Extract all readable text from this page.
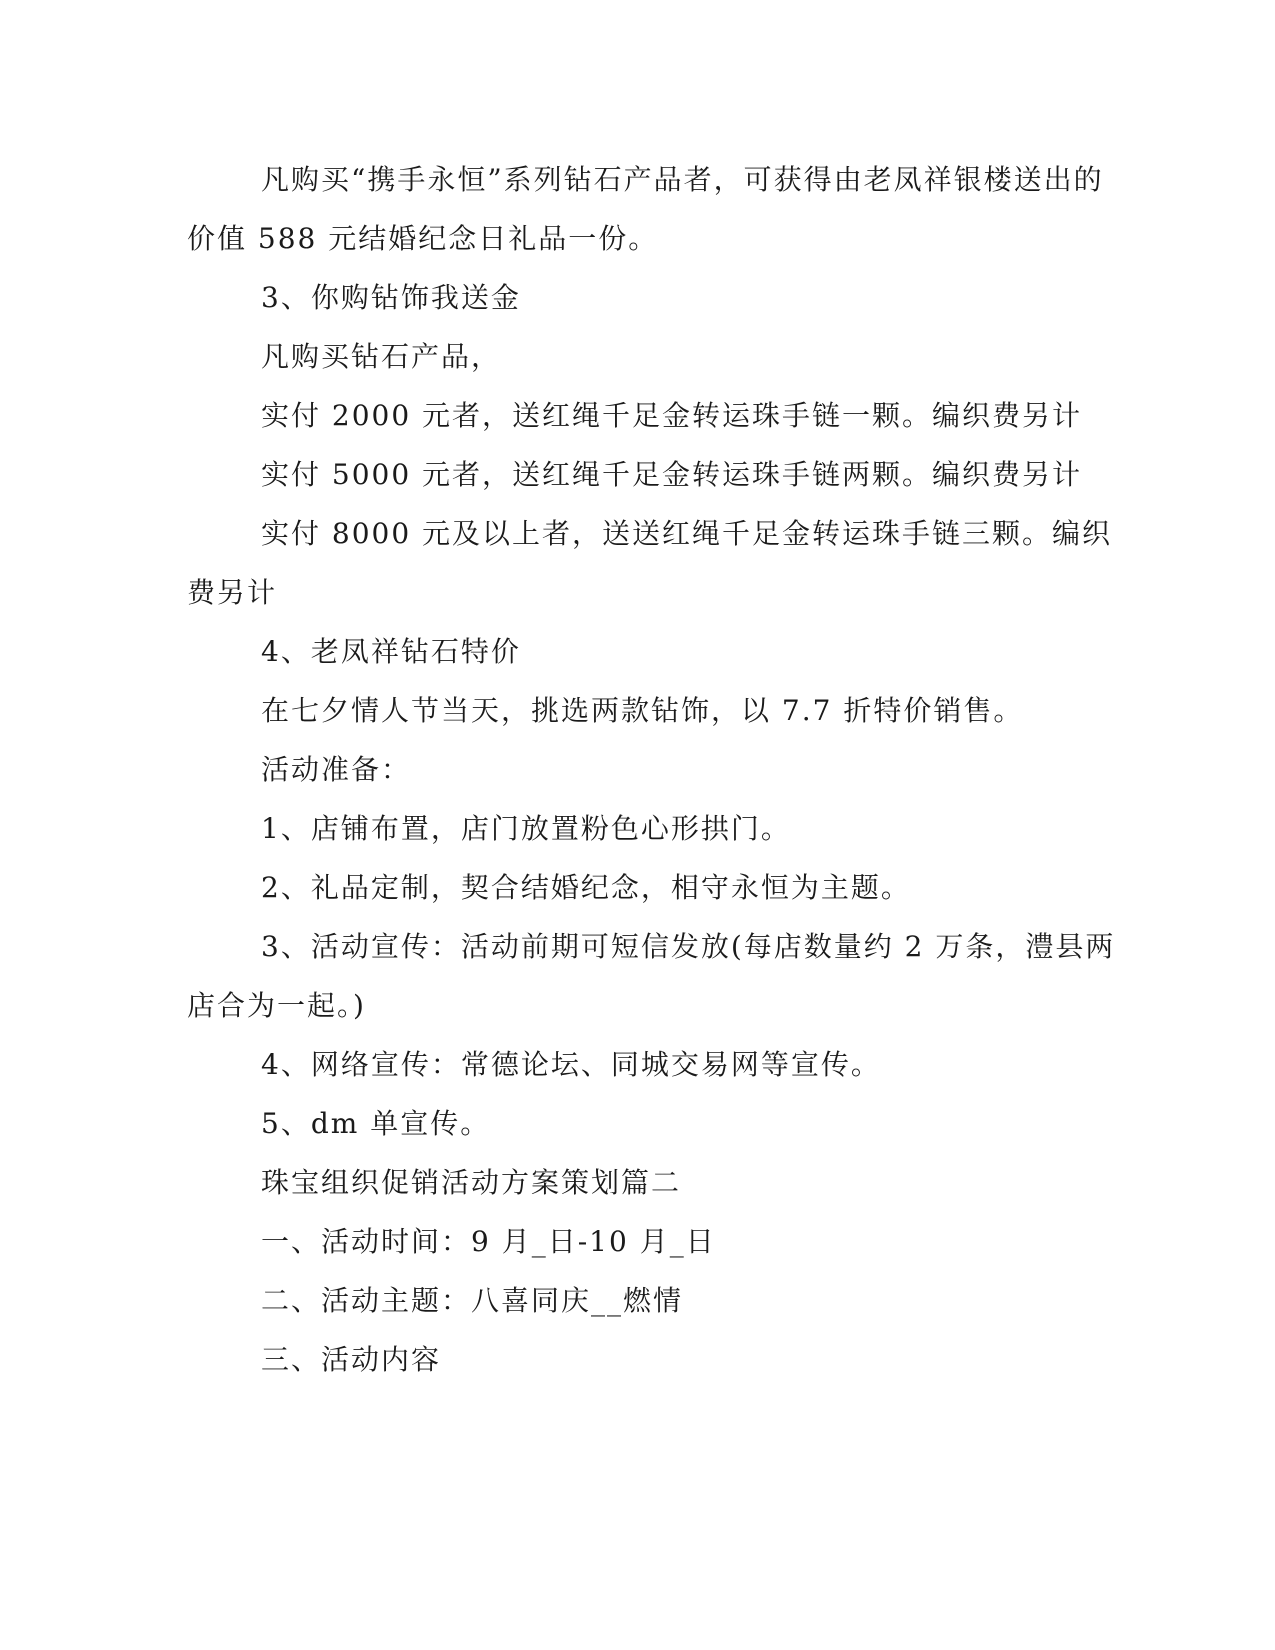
凡购买“携手永恒”系列钻石产品者，可获得由老凤祥银楼送出的
价值 588 元结婚纪念日礼品一份。
3、你购钻饰我送金
凡购买钻石产品，
实付 2000 元者，送红绳千足金转运珠手链一颗。编织费另计
实付 5000 元者，送红绳千足金转运珠手链两颗。编织费另计
实付 8000 元及以上者，送送红绳千足金转运珠手链三颗。编织
费另计
4、老凤祥钻石特价
在七夕情人节当天，挑选两款钻饰，以 7.7 折特价销售。
活动准备：
1、店铺布置，店门放置粉色心形拱门。
2、礼品定制，契合结婚纪念，相守永恒为主题。
3、活动宣传：活动前期可短信发放(每店数量约 2 万条，澧县两
店合为一起。)
4、网络宣传：常德论坛、同城交易网等宣传。
5、dm 单宣传。
珠宝组织促销活动方案策划篇二
一、活动时间：9 月_日-10 月_日
二、活动主题：八喜同庆__燃情
三、活动内容
